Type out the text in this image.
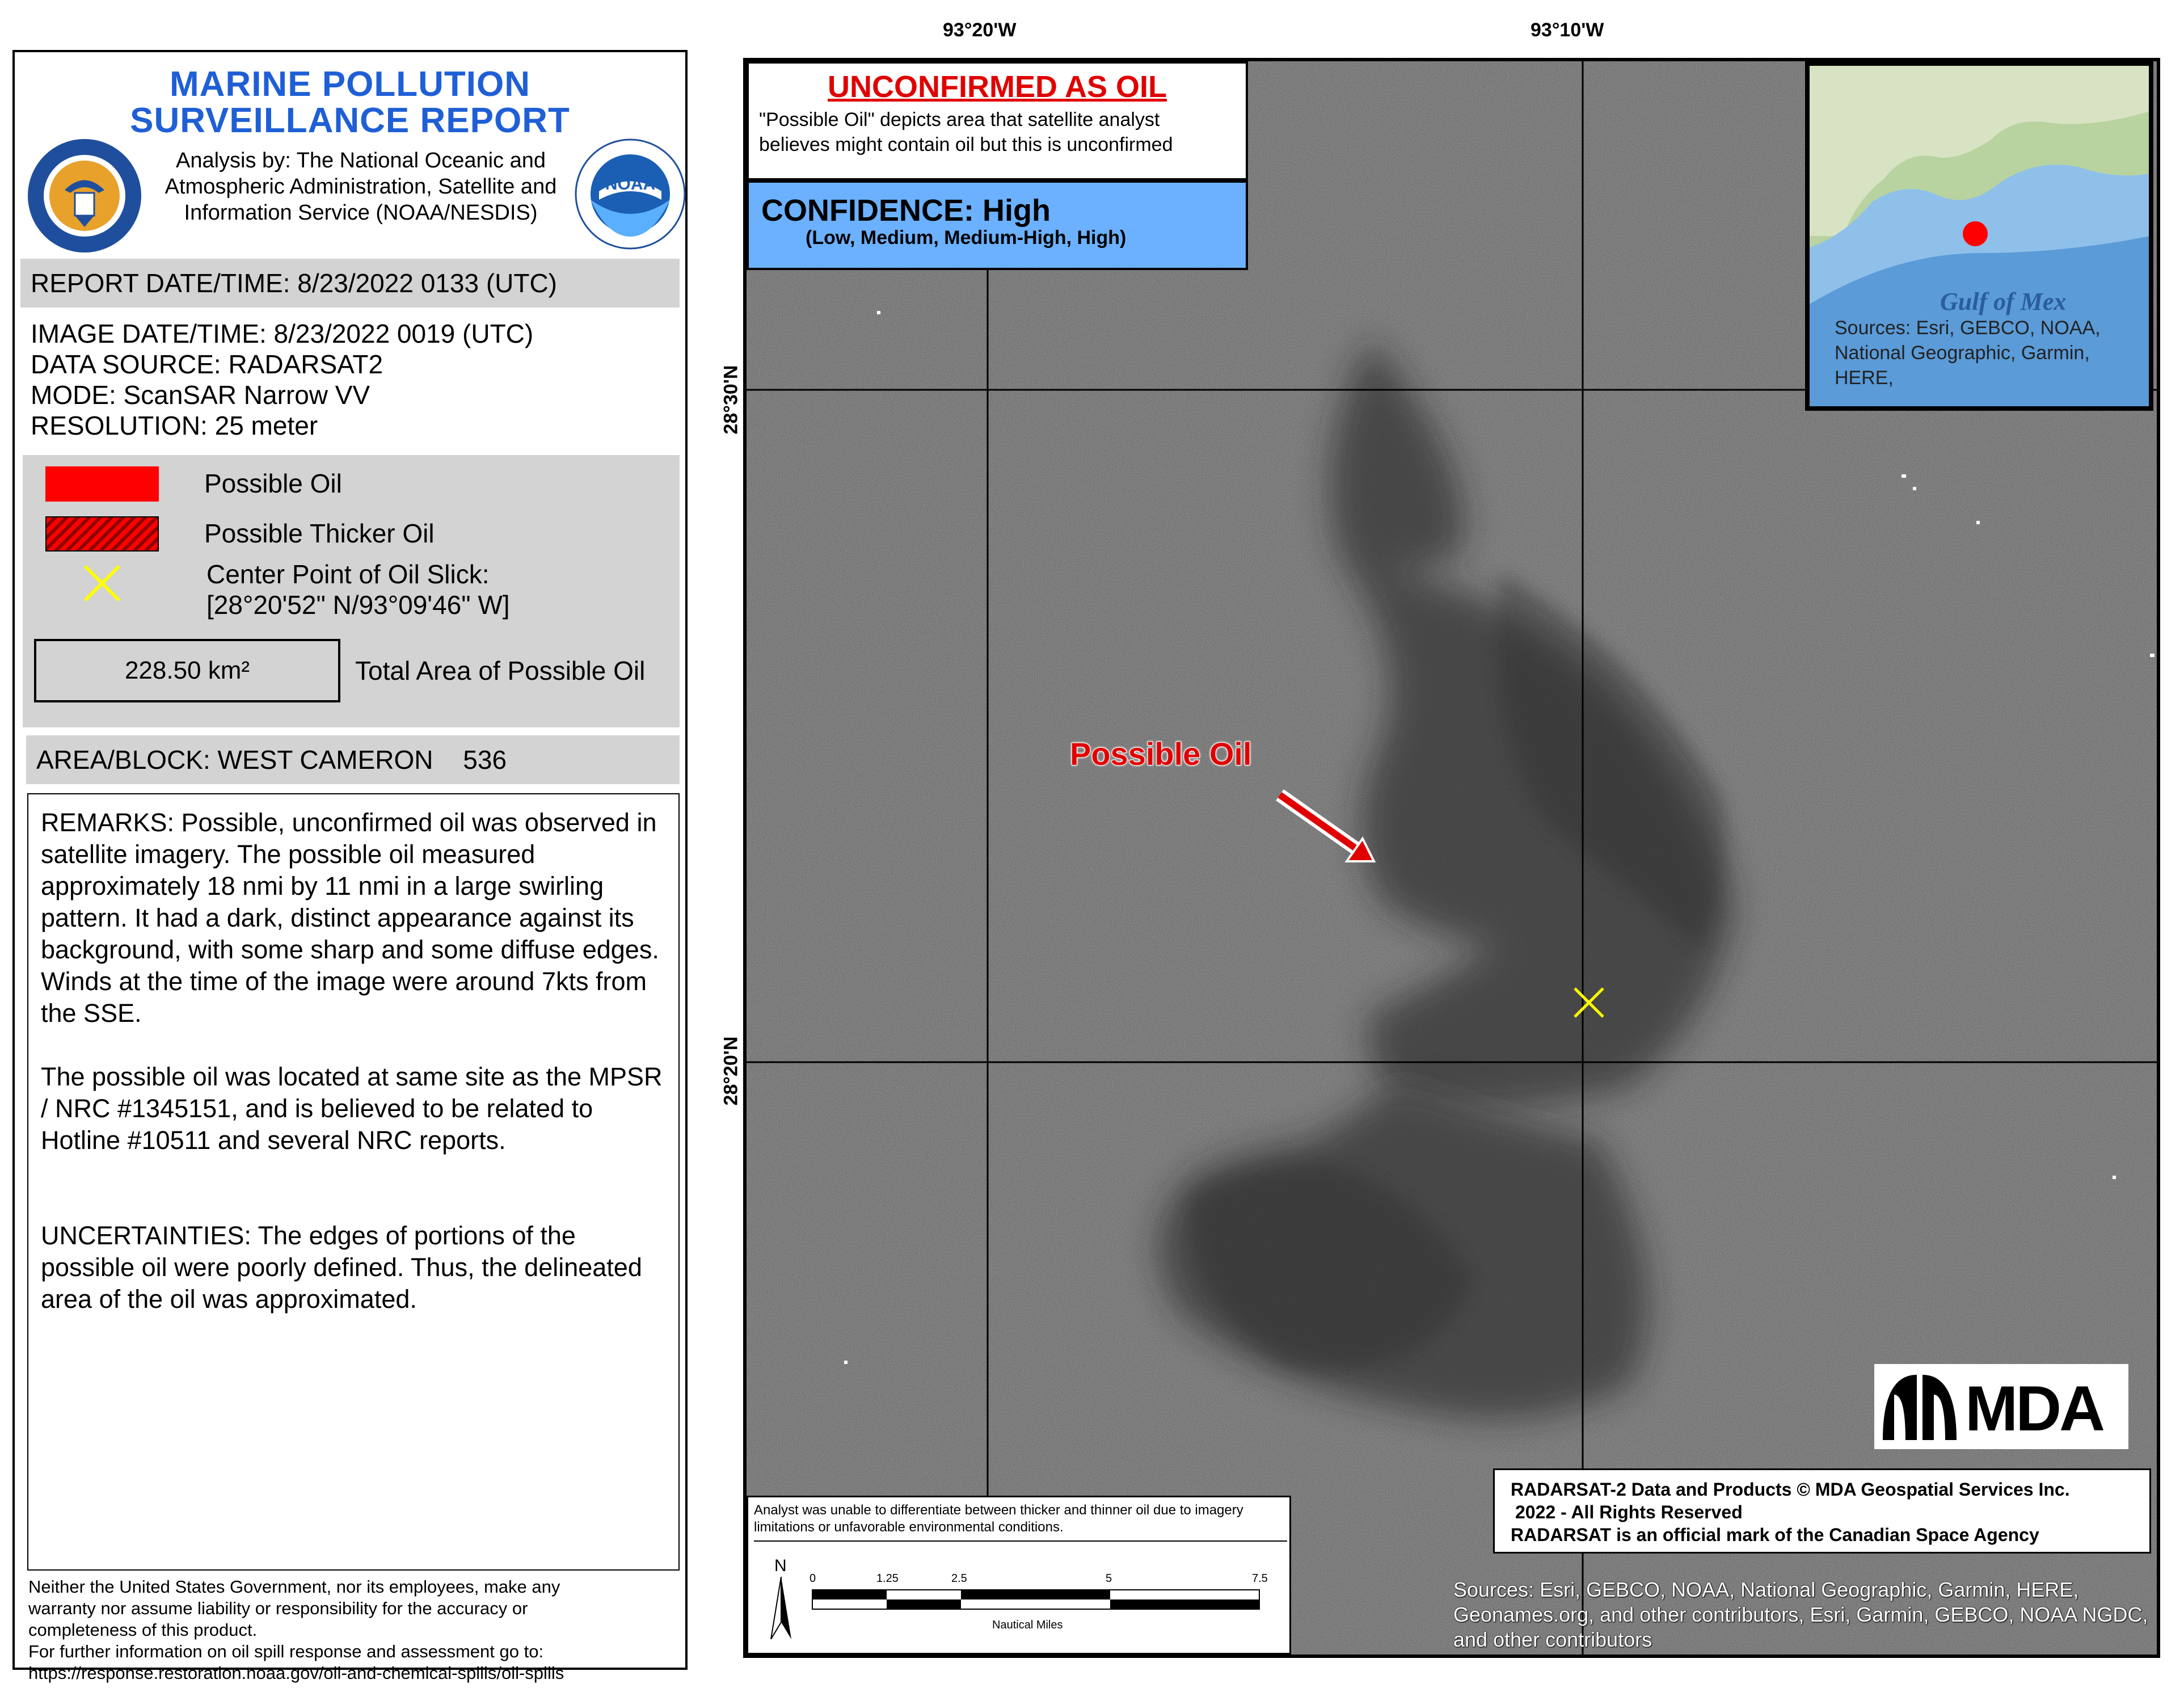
MARINE POLLUTION
SURVEILLANCE REPORT
Analysis by: The National Oceanic and Atmospheric Administration, Satellite and Information Service (NOAA/NESDIS)
NOAA
REPORT DATE/TIME: 8/23/2022 0133 (UTC)
IMAGE DATE/TIME: 8/23/2022 0019 (UTC)
DATA SOURCE: RADARSAT2
MODE: ScanSAR Narrow VV
RESOLUTION: 25 meter
Possible Oil
Possible Thicker Oil
Center Point of Oil Slick:
[28°20'52" N/93°09'46" W]
228.50 km²	Total Area of Possible Oil
AREA/BLOCK: WEST CAMERON 536
REMARKS: Possible, unconfirmed oil was observed in satellite imagery. The possible oil measured approximately 18 nmi by 11 nmi in a large swirling pattern. It had a dark, distinct appearance against its background, with some sharp and some diffuse edges. Winds at the time of the image were around 7kts from the SSE.
The possible oil was located at same site as the MPSR / NRC #1345151, and is believed to be related to Hotline #10511 and several NRC reports.
UNCERTAINTIES: The edges of portions of the possible oil were poorly defined. Thus, the delineated area of the oil was approximated.
Neither the United States Government, nor its employees, make any
warranty nor assume liability or responsibility for the accuracy or
completeness of this product.
For further information on oil spill response and assessment go to:
https://response.restoration.noaa.gov/oil-and-chemical-spills/oil-spills
93°20'W	93°10'W
28°30'N
28°20'N
Possible Oil
UNCONFIRMED AS OIL
"Possible Oil" depicts area that satellite analyst
believes might contain oil but this is unconfirmed
CONFIDENCE: High
(Low, Medium, Medium-High, High)
Gulf of Mex
Sources: Esri, GEBCO, NOAA, National Geographic, Garmin, HERE,
MDA
RADARSAT-2 Data and Products © MDA Geospatial Services Inc.
2022 - All Rights Reserved
RADARSAT is an official mark of the Canadian Space Agency
Sources: Esri, GEBCO, NOAA, National Geographic, Garmin, HERE, Geonames.org, and other contributors, Esri, Garmin, GEBCO, NOAA NGDC, and other contributors
Analyst was unable to differentiate between thicker and thinner oil due to imagery limitations or unfavorable environmental conditions.
N
0	1.25	2.5	5	7.5
Nautical Miles
